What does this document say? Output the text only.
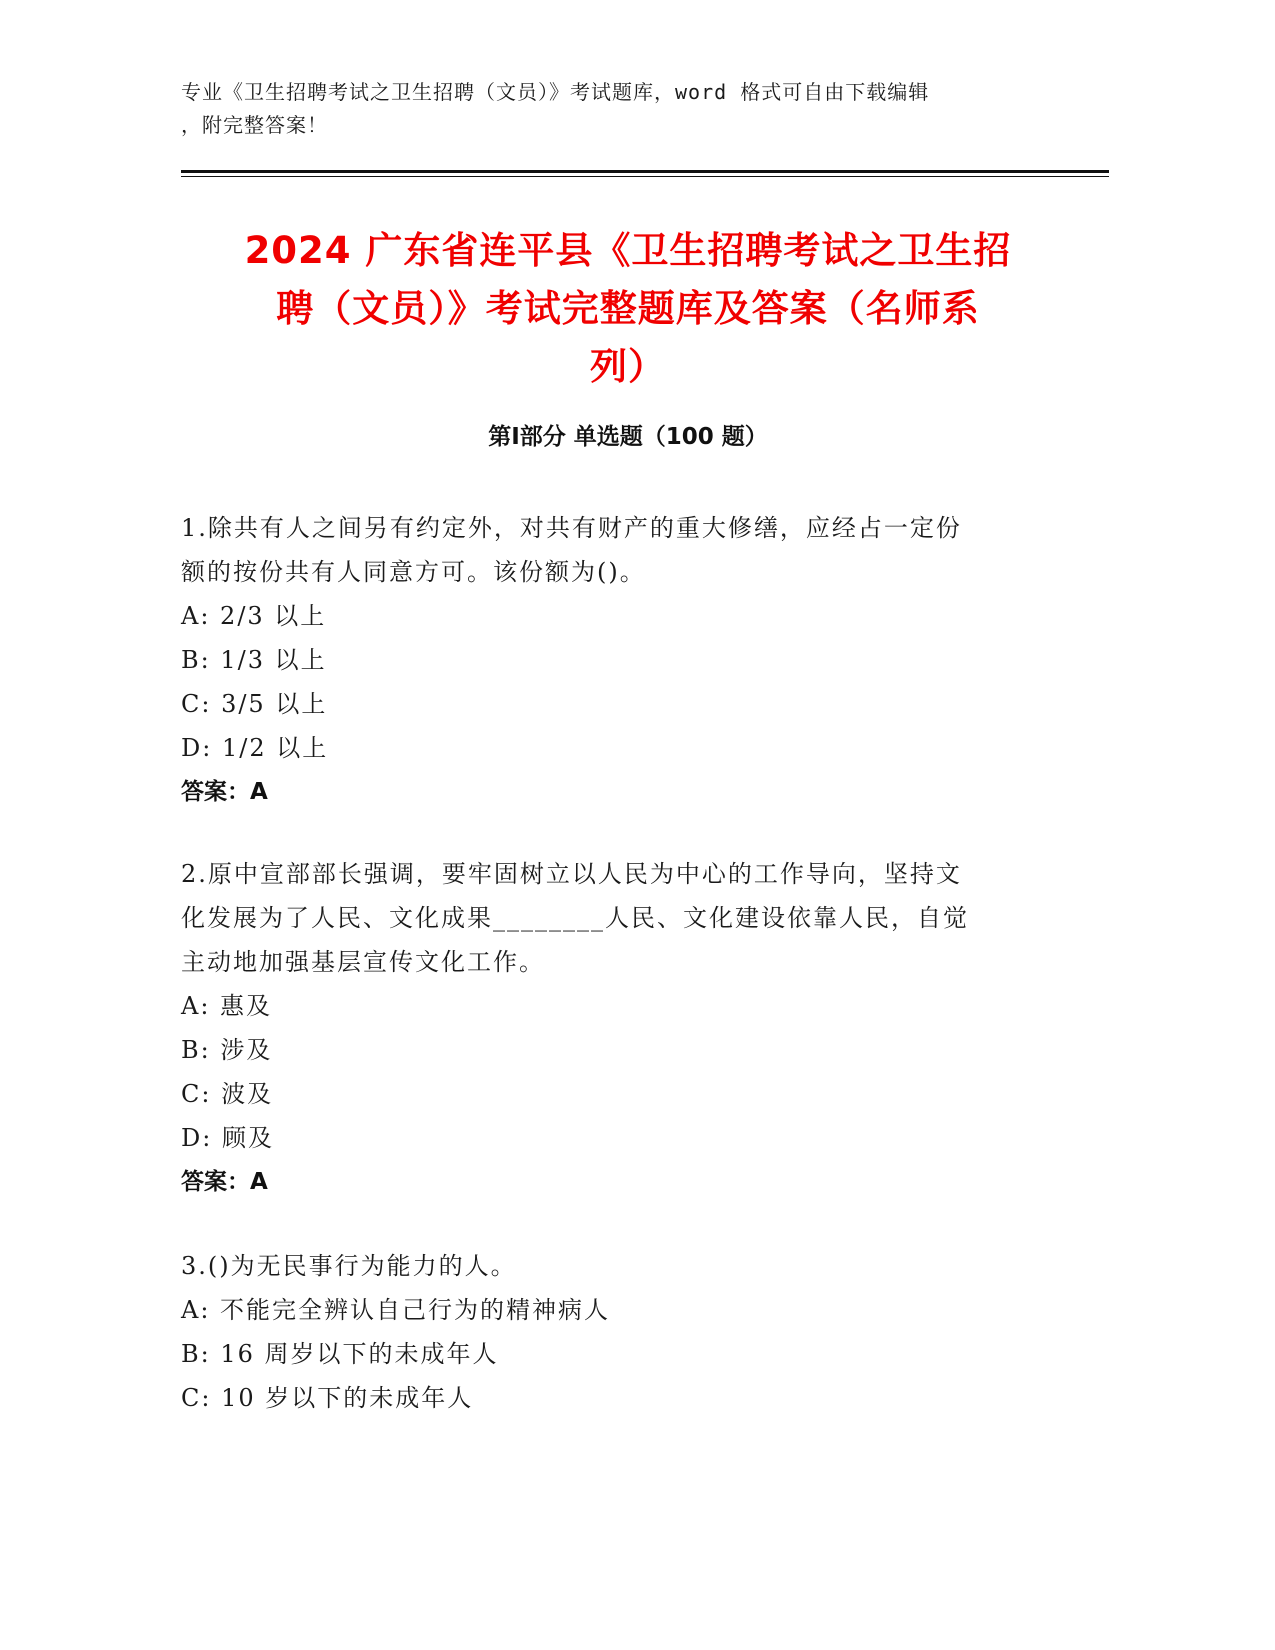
专业《卫生招聘考试之卫生招聘（文员）》考试题库，word 格式可自由下载编辑
，附完整答案！
2024 广东省连平县《卫生招聘考试之卫生招
聘（文员）》考试完整题库及答案（名师系
列）
第Ⅰ部分 单选题（100 题）
1.除共有人之间另有约定外，对共有财产的重大修缮，应经占一定份
额的按份共有人同意方可。该份额为()。
A: 2/3 以上
B: 1/3 以上
C: 3/5 以上
D: 1/2 以上
答案：A
2.原中宣部部长强调，要牢固树立以人民为中心的工作导向，坚持文
化发展为了人民、文化成果________人民、文化建设依靠人民，自觉
主动地加强基层宣传文化工作。
A: 惠及
B: 涉及
C: 波及
D: 顾及
答案：A
3.()为无民事行为能力的人。
A: 不能完全辨认自己行为的精神病人
B: 16 周岁以下的未成年人
C: 10 岁以下的未成年人
